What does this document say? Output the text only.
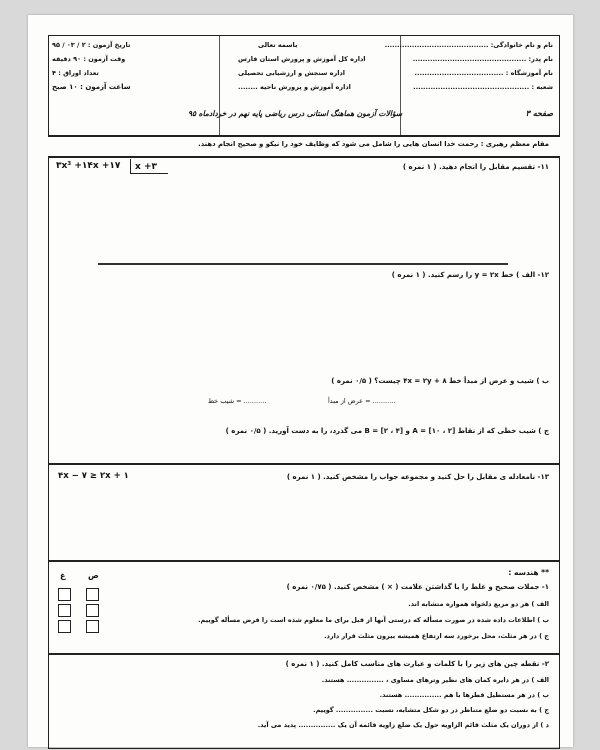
نام و نام خانوادگی: ..........................................
نام پدر: ..............................................
نام آموزشگاه : ....................................
شعبه : ...............................................
باسمه تعالی
اداره کل آموزش و پرورش استان فارس
اداره سنجش و ارزشیابی تحصیلی
اداره آموزش و پرورش ناحیه ........
تاریخ آزمون : ۲ / ۰۳ / ۹۵
وقت آزمون : ۹۰ دقیقه
تعداد اوراق : ۴
ساعت آزمون : ۱۰ صبح
صفحه ۳
سؤالات آزمون هماهنگ استانی درس ریاضی پایه نهم در خردادماه ۹۵
مقام معظم رهبری : رحمت خدا انسان هایی را شامل می شود که وظایف خود را نیکو و صحیح انجام دهند.
۱۱- تقسیم مقابل را انجام دهید. ( ۱ نمره )
۳x³ +۱۴x +۱۷ x +۳
۱۲- الف ) خط y = ۲x را رسم کنید. ( ۱ نمره )
ب ) شیب و عرض از مبدأ خط ۸ + ۴x = ۲y چیست؟ ( ۰/۵ نمره )
........... = شیب خط	........... = عرض از مبدأ
ج ) شیب خطی که از نقاط [۲ ، ۱۰] = A و [۴ ، ۲] = B می گذرد، را به دست آورید. ( ۰/۵ نمره )
۱۳- نامعادله ی مقابل را حل کنید و مجموعه جواب را مشخص کنید. ( ۱ نمره )
۴x − ۷ ≥ ۲x + ۱
** هندسه :
۱- جملات صحیح و غلط را با گذاشتن علامت ( × ) مشخص کنید. ( ۰/۷۵ نمره )
ص
غ
الف ) هر دو مربع دلخواه همواره متشابه اند.
ب ) اطلاعات داده شده در صورت مسأله که درستی آنها از قبل برای ما معلوم شده است را فرض مسأله گوییم.
ج ) در هر مثلث، محل برخورد سه ارتفاع همیشه بیرون مثلث قرار دارد.
۲- نقطه چین های زیر را با کلمات و عبارت های مناسب کامل کنید. ( ۱ نمره )
الف ) در هر دایره کمان های نظیر وترهای مساوی ، ............... هستند.
ب ) در هر مستطیل قطرها با هم ............... هستند.
ج ) به نسبت دو ضلع متناظر در دو شکل متشابه، نسبت ............... گوییم.
د ) از دوران یک مثلث قائم الزاویه حول یک ضلع زاویه قائمه آن یک ............... پدید می آید.
